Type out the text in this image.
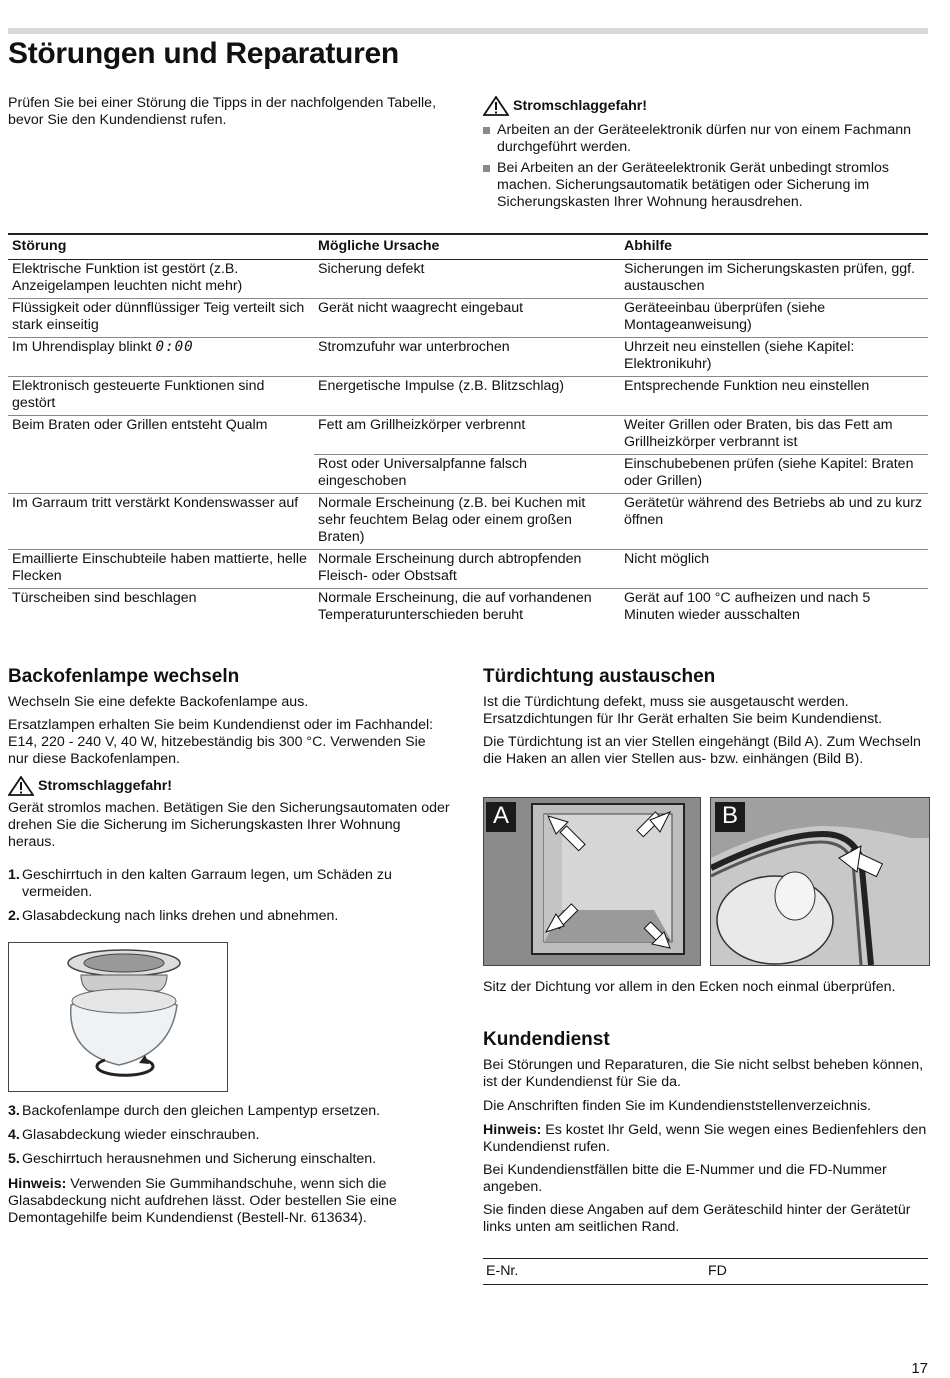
Störungen und Reparaturen

Prüfen Sie bei einer Störung die Tipps in der nachfolgenden Tabelle, bevor Sie den Kundendienst rufen.

Stromschlaggefahr!
Arbeiten an der Geräteelektronik dürfen nur von einem Fachmann durchgeführt werden.
Bei Arbeiten an der Geräteelektronik Gerät unbedingt stromlos machen. Sicherungsautomatik betätigen oder Sicherung im Sicherungskasten Ihrer Wohnung herausdrehen.
Störung	Mögliche Ursache	Abhilfe
Elektrische Funktion ist gestört (z.B. Anzeigelampen leuchten nicht mehr)	Sicherung defekt	Sicherungen im Sicherungskasten prüfen, ggf. austauschen
Flüssigkeit oder dünnflüssiger Teig verteilt sich stark einseitig	Gerät nicht waagrecht eingebaut	Geräteeinbau überprüfen (siehe Montageanweisung)
Im Uhrendisplay blinkt 0:00	Stromzufuhr war unterbrochen	Uhrzeit neu einstellen (siehe Kapitel: Elektronikuhr)
Elektronisch gesteuerte Funktionen sind gestört	Energetische Impulse (z.B. Blitzschlag)	Entsprechende Funktion neu einstellen
Beim Braten oder Grillen entsteht Qualm	Fett am Grillheizkörper verbrennt	Weiter Grillen oder Braten, bis das Fett am Grillheizkörper verbrannt ist
	Rost oder Universalpfanne falsch eingeschoben	Einschubebenen prüfen (siehe Kapitel: Braten oder Grillen)
Im Garraum tritt verstärkt Kondenswasser auf	Normale Erscheinung (z.B. bei Kuchen mit sehr feuchtem Belag oder einem großen Braten)	Gerätetür während des Betriebs ab und zu kurz öffnen
Emaillierte Einschubteile haben mattierte, helle Flecken	Normale Erscheinung durch abtropfenden Fleisch- oder Obstsaft	Nicht möglich
Türscheiben sind beschlagen	Normale Erscheinung, die auf vorhandenen Temperaturunterschieden beruht	Gerät auf 100 °C aufheizen und nach 5 Minuten wieder ausschalten
Backofenlampe wechseln

Wechseln Sie eine defekte Backofenlampe aus.

Ersatzlampen erhalten Sie beim Kundendienst oder im Fachhandel: E14, 220 - 240 V, 40 W, hitzebeständig bis 300 °C. Verwenden Sie nur diese Backofenlampen.

Stromschlaggefahr!

Gerät stromlos machen. Betätigen Sie den Sicherungsautomaten oder drehen Sie die Sicherung im Sicherungskasten Ihrer Wohnung heraus.

1. Geschirrtuch in den kalten Garraum legen, um Schäden zu vermeiden.
2. Glasabdeckung nach links drehen und abnehmen.
3. Backofenlampe durch den gleichen Lampentyp ersetzen.
4. Glasabdeckung wieder einschrauben.
5. Geschirrtuch herausnehmen und Sicherung einschalten.

Hinweis: Verwenden Sie Gummihandschuhe, wenn sich die Glasabdeckung nicht aufdrehen lässt. Oder bestellen Sie eine Demontagehilfe beim Kundendienst (Bestell-Nr. 613634).

Türdichtung austauschen

Ist die Türdichtung defekt, muss sie ausgetauscht werden. Ersatzdichtungen für Ihr Gerät erhalten Sie beim Kundendienst.

Die Türdichtung ist an vier Stellen eingehängt (Bild A). Zum Wechseln die Haken an allen vier Stellen aus- bzw. einhängen (Bild B).

A	B

Sitz der Dichtung vor allem in den Ecken noch einmal überprüfen.

Kundendienst

Bei Störungen und Reparaturen, die Sie nicht selbst beheben können, ist der Kundendienst für Sie da.

Die Anschriften finden Sie im Kundendienststellenverzeichnis.

Hinweis: Es kostet Ihr Geld, wenn Sie wegen eines Bedienfehlers den Kundendienst rufen.

Bei Kundendienstfällen bitte die E-Nummer und die FD-Nummer angeben.

Sie finden diese Angaben auf dem Geräteschild hinter der Gerätetür links unten am seitlichen Rand.

E-Nr.	FD
17
